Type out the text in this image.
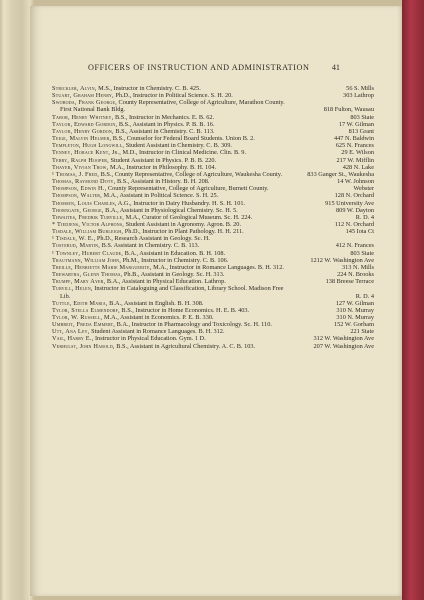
OFFICERS OF INSTRUCTION AND ADMINISTRATION	41
Strickler, Alvin, M.S., Instructor in Chemistry. C. B. 425.	56 S. Mills
Stuart, Graham Henry, Ph.D., Instructor in Political Science. S. H. 20.	303 Lathrop
Swoboda, Frank George, County Representative, College of Agriculture, Marathon County. First National Bank Bldg.	818 Fulton, Wausau
Tabor, Henry Whitney, B.S., Instructor in Mechanics. E. B. 62.	803 State
Taylor, Edward Gordon, B.S., Assistant in Physics. P. B. B. 16.	17 W. Gilman
Taylor, Henry Gordon, B.S., Assistant in Chemistry. C. B. 113.	813 Grant
Teige, Malvin Helmer, B.S., Counselor for Federal Board Students. Union B. 2.	447 N. Baldwin
Templeton, Hugh Longwill, Student Assistant in Chemistry. C. B. 309.	625 N. Frances
Tenney, Horace Kent, Jr., M.D., Instructor in Clinical Medicine. Clin. B. 9.	29 E. Wilson
Terry, Ralph Hooper, Student Assistant in Physics. P. B. B. 220.	217 W. Mifflin
Thayer, Vivian Trow, M.A., Instructor in Philosophy. B. H. 104.	428 N. Lake
¹ Thomas, J. Fred, B.S., County Representative, College of Agriculture, Waukesha County.	833 Ganger St., Waukesha
Thomas, Raymond Doty, B.S., Assistant in History. B. H. 208.	14 W. Johnson
Thompson, Edwin H., County Representative, College of Agriculture, Burnett County.	Webster
Thompson, Walter, M.A., Assistant in Political Science. S. H. 25.	128 N. Orchard
Thomsen, Louis Charles, A.G., Instructor in Dairy Husbandry. H. S. H. 101.	915 University Ave
Thorngate, George, B.A., Assistant in Physiological Chemistry. Sc. H. 5.	809 W. Dayton
Thwaites, Fredrik Turville, M.A., Curator of Geological Museum. Sc. H. 224.	R. D. 4
* Tiedjens, Victor Alphons, Student Assistant in Agronomy. Agron. B. 20.	112 N. Orchard
Tisdale, William Burleigh, Ph.D., Instructor in Plant Pathology. H. H. 211.	145 Iota Ct
¹ Tisdale, W. E., Ph.D., Research Assistant in Geology. Sc. H.
Tosterud, Martin, B.S. Assistant in Chemistry. C. B. 113.	412 N. Frances
¹ Townley, Hubert Claude, B.A., Assistant in Education. B. H. 108.	803 State
Trautmann, William John, Ph.M., Instructor in Chemistry. C. B. 106.	1212 W. Washington Ave
Treille, Henriette Marie Marguerite, M.A., Instructor in Romance Languages. B. H. 312.	313 N. Mills
Trewartha, Glenn Thomas, Ph.B., Assistant in Geology. Sc. H. 313.	224 N. Brooks
Trumpf, Mary Ayer, B.A., Assistant in Physical Education. Lathrop.	138 Breese Terrace
Turvill, Helen, Instructor in Cataloguing and Classification, Library School. Madison Free Lib.	R. D. 4
Tuttle, Edith Maria, B.A., Assistant in English. B. H. 308.	127 W. Gilman
Tylor, Stella Elmendorf, B.S., Instructor in Home Economics. H. E. B. 403.	310 N. Murray
Tylor, W. Russell, M.A., Assistant in Economics. P. E. B. 330.	310 N. Murray
Umbreit, Freda Emmert, B.A., Instructor in Pharmacology and Toxicology. Sc. H. 110.	152 W. Gorham
Utt, Ana Ley, Student Assistant in Romance Languages. B. H. 312.	221 State
Vail, Harry E., Instructor in Physical Education. Gym. 1 D.	312 W. Washington Ave
Verhulst, John Harold, B.S., Assistant in Agricultural Chemistry. A. C. B. 103.	207 W. Washington Ave
